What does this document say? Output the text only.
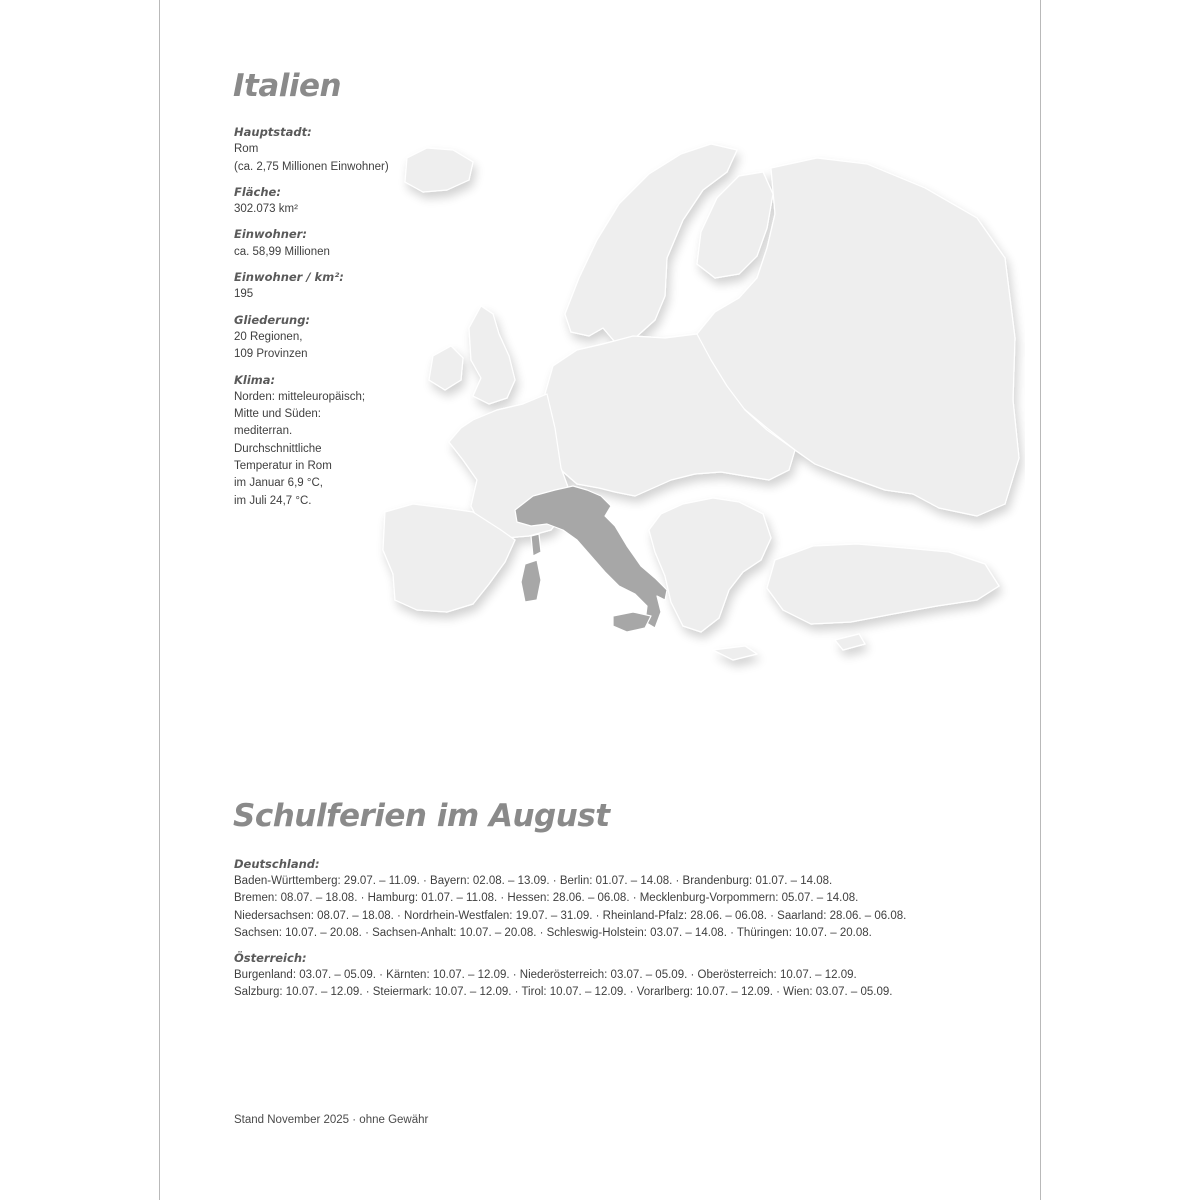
Italien
Hauptstadt:
Rom
(ca. 2,75 Millionen Einwohner)
Fläche:
302.073 km²
Einwohner:
ca. 58,99 Millionen
Einwohner / km²:
195
Gliederung:
20 Regionen,
109 Provinzen
Klima:
Norden: mitteleuropäisch;
Mitte und Süden:
mediterran.
Durchschnittliche
Temperatur in Rom
im Januar 6,9 °C,
im Juli 24,7 °C.
Schulferien im August
Deutschland:
Baden-Württemberg: 29.07. – 11.09. · Bayern: 02.08. – 13.09. · Berlin: 01.07. – 14.08. · Brandenburg: 01.07. – 14.08.
Bremen: 08.07. – 18.08. · Hamburg: 01.07. – 11.08. · Hessen: 28.06. – 06.08. · Mecklenburg-Vorpommern: 05.07. – 14.08.
Niedersachsen: 08.07. – 18.08. · Nordrhein-Westfalen: 19.07. – 31.09. · Rheinland-Pfalz: 28.06. – 06.08. · Saarland: 28.06. – 06.08.
Sachsen: 10.07. – 20.08. · Sachsen-Anhalt: 10.07. – 20.08. · Schleswig-Holstein: 03.07. – 14.08. · Thüringen: 10.07. – 20.08.
Österreich:
Burgenland: 03.07. – 05.09. · Kärnten: 10.07. – 12.09. · Niederösterreich: 03.07. – 05.09. · Oberösterreich: 10.07. – 12.09.
Salzburg: 10.07. – 12.09. · Steiermark: 10.07. – 12.09. · Tirol: 10.07. – 12.09. · Vorarlberg: 10.07. – 12.09. · Wien: 03.07. – 05.09.
Stand November 2025 · ohne Gewähr
